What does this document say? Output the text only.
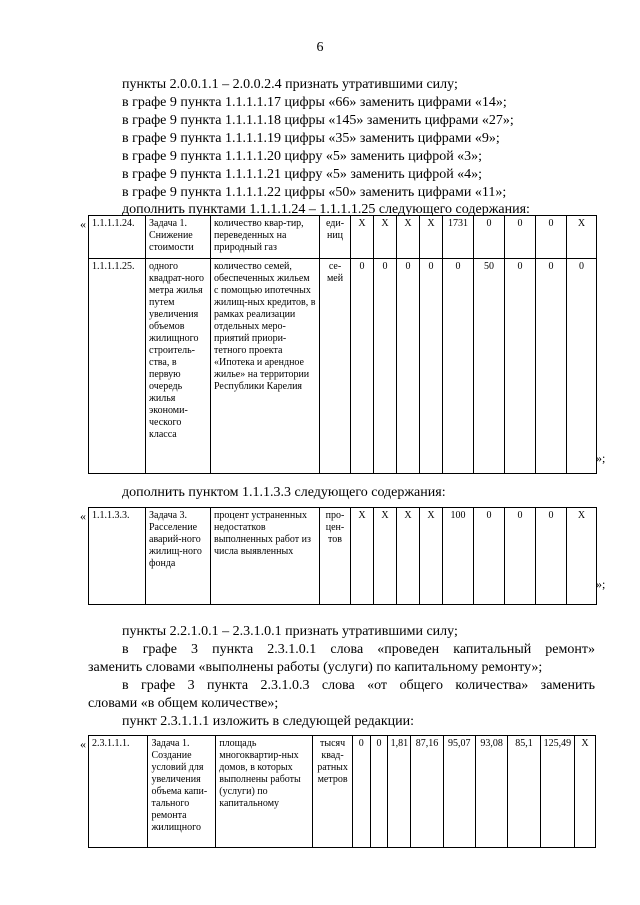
6
пункты 2.0.0.1.1 – 2.0.0.2.4 признать утратившими силу;
в графе 9 пункта 1.1.1.1.17 цифры «66» заменить цифрами «14»;
в графе 9 пункта 1.1.1.1.18 цифры «145» заменить цифрами «27»;
в графе 9 пункта 1.1.1.1.19 цифры «35» заменить цифрами «9»;
в графе 9 пункта 1.1.1.1.20 цифру «5» заменить цифрой «3»;
в графе 9 пункта 1.1.1.1.21 цифру «5» заменить цифрой «4»;
в графе 9 пункта 1.1.1.1.22 цифры «50» заменить цифрами «11»;
дополнить пунктами 1.1.1.1.24 – 1.1.1.1.25 следующего содержания:
« 1.1.1.1.24.	Задача 1. Снижение стоимости	количество квар-тир, переведенных на природный газ	еди-ниц	X	X	X	X	1731	0	0	0	X
1.1.1.1.25.	одного квадрат-ного метра жилья путем увеличения объемов жилищного строитель-ства, в первую очередь жилья экономи-ческого класса	количество семей, обеспеченных жильем с помощью ипотечных жилищ-ных кредитов, в рамках реализации отдельных меро-приятий приори-тетного проекта «Ипотека и арендное жилье» на территории Республики Карелия	се-мей	0	0	0	0	0	50	0	0	0
»;
дополнить пунктом 1.1.1.3.3 следующего содержания:
« 1.1.1.3.3.	Задача 3. Расселение аварий-ного жилищ-ного фонда	процент устраненных недостатков выполненных работ из числа выявленных	про-цен-тов	X	X	X	X	100	0	0	0	X
»;
пункты 2.2.1.0.1 – 2.3.1.0.1 признать утратившими силу;
в графе 3 пункта 2.3.1.0.1 слова «проведен капитальный ремонт»
заменить словами «выполнены работы (услуги) по капитальному ремонту»;
в графе 3 пункта 2.3.1.0.3 слова «от общего количества» заменить
словами «в общем количестве»;
пункт 2.3.1.1.1 изложить в следующей редакции:
« 2.3.1.1.1.	Задача 1. Создание условий для увеличения объема капи-тального ремонта жилищного	площадь многоквартир-ных домов, в которых выполнены работы (услуги) по капитальному	тысяч квад-ратных метров	0	0	1,81	87,16	95,07	93,08	85,1	125,49	X
